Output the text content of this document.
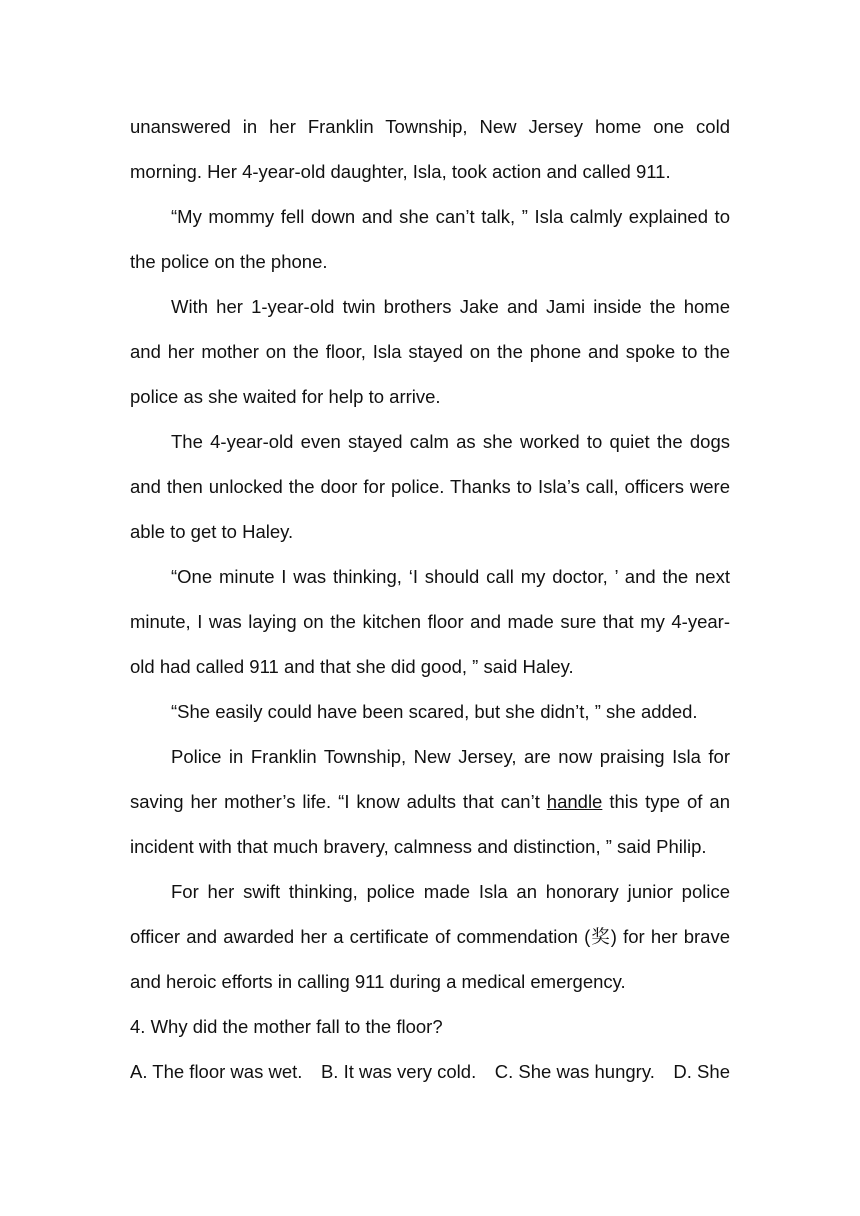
unanswered in her Franklin Township, New Jersey home one cold morning. Her 4-year-old daughter, Isla, took action and called 911.

“My mommy fell down and she can’t talk, ” Isla calmly explained to the police on the phone.

With her 1-year-old twin brothers Jake and Jami inside the home and her mother on the floor, Isla stayed on the phone and spoke to the police as she waited for help to arrive.

The 4-year-old even stayed calm as she worked to quiet the dogs and then unlocked the door for police. Thanks to Isla’s call, officers were able to get to Haley.

“One minute I was thinking, ‘I should call my doctor, ’ and the next minute, I was laying on the kitchen floor and made sure that my 4-year-old had called 911 and that she did good, ” said Haley.

“She easily could have been scared, but she didn’t, ” she added.

Police in Franklin Township, New Jersey, are now praising Isla for saving her mother’s life. “I know adults that can’t handle this type of an incident with that much bravery, calmness and distinction, ” said Philip.

For her swift thinking, police made Isla an honorary junior police officer and awarded her a certificate of commendation (奖) for her brave and heroic efforts in calling 911 during a medical emergency.

4. Why did the mother fall to the floor?

A. The floor was wet. B. It was very cold. C. She was hungry. D. She
